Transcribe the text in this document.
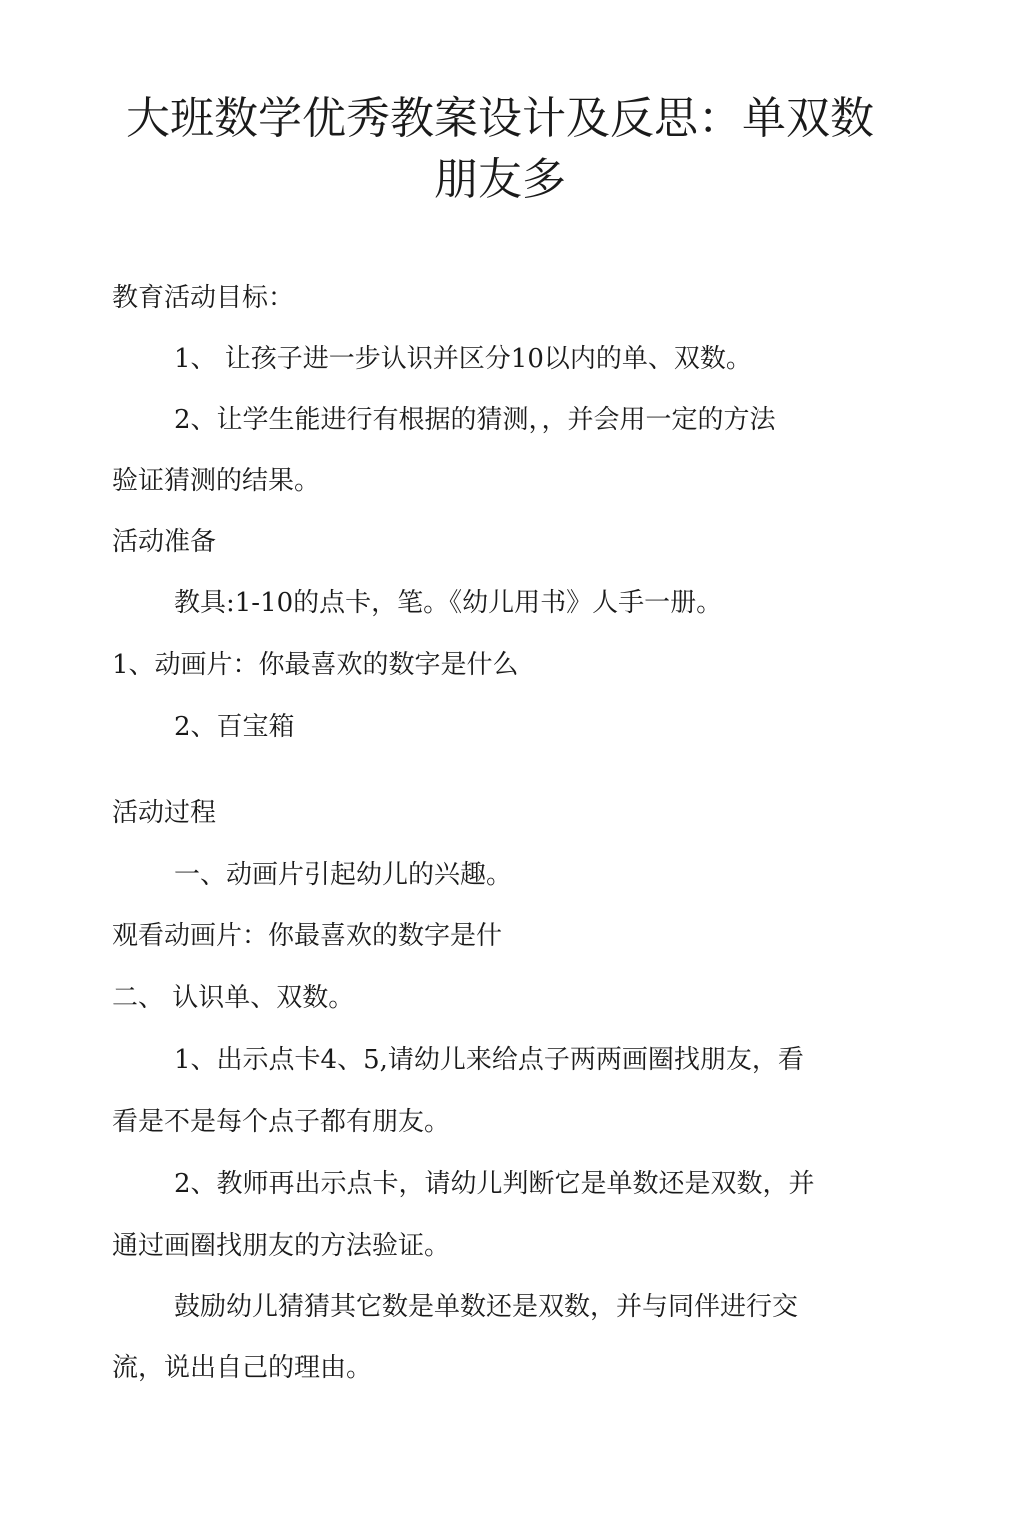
大班数学优秀教案设计及反思：单双数
朋友多

教育活动目标：

1、 让孩子进一步认识并区分10以内的单、双数。

2、让学生能进行有根据的猜测，，并会用一定的方法

验证猜测的结果。

活动准备

教具:1-10的点卡，笔。《幼儿用书》人手一册。

1、动画片：你最喜欢的数字是什么

2、百宝箱

活动过程

一、动画片引起幼儿的兴趣。

观看动画片：你最喜欢的数字是什

二、 认识单、双数。

1、出示点卡4、5,请幼儿来给点子两两画圈找朋友，看

看是不是每个点子都有朋友。

2、教师再出示点卡，请幼儿判断它是单数还是双数，并

通过画圈找朋友的方法验证。

鼓励幼儿猜猜其它数是单数还是双数，并与同伴进行交

流，说出自己的理由。
